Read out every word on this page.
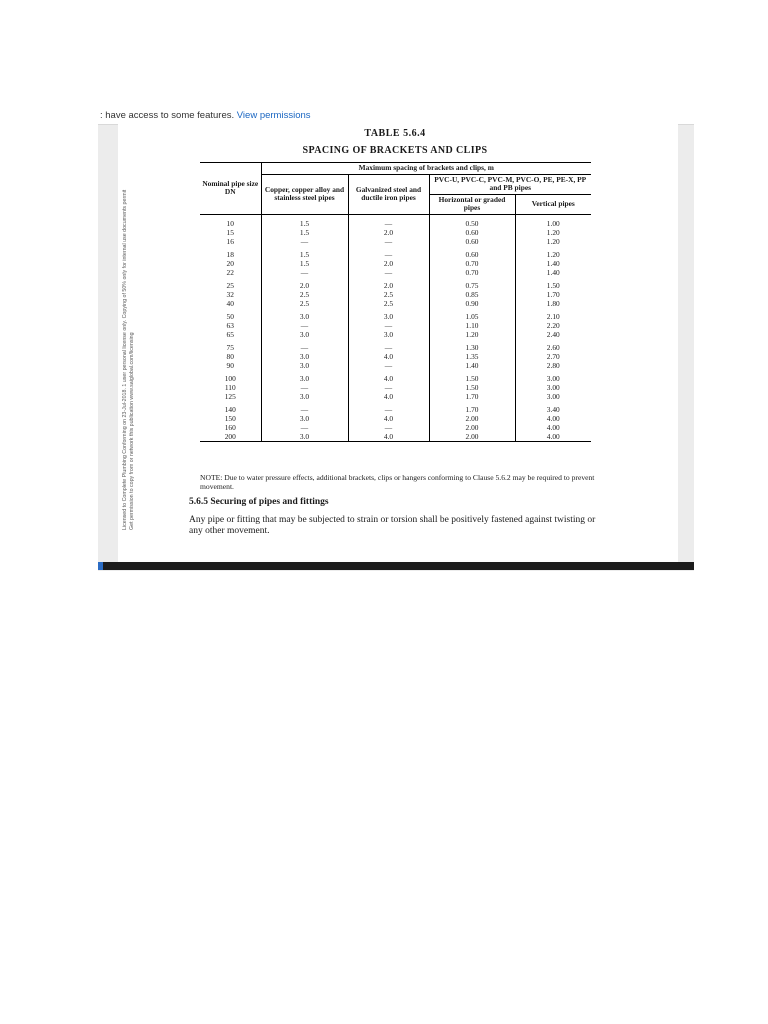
: have access to some features. View permissions
Licensed to Complete Plumbing Conforming on 23-Jul-2018. 1 user personal license only. Copying of 50% only for internal use documents permit Get permission to copy from or network this publication www.saiglobal.com/licensing
TABLE 5.6.4
SPACING OF BRACKETS AND CLIPS
Nominal pipe size DN	Maximum spacing of brackets and clips, m			
	Copper, copper alloy and stainless steel pipes	Galvanized steel and ductile iron pipes	PVC-U, PVC-C, PVC-M, PVC-O, PE, PE-X, PP and PB pipes	
			Horizontal or graded pipes	Vertical pipes
10	1.5	—	0.50	1.00
15	1.5	2.0	0.60	1.20
16	—	—	0.60	1.20
18	1.5	—	0.60	1.20
20	1.5	2.0	0.70	1.40
22	—	—	0.70	1.40
25	2.0	2.0	0.75	1.50
32	2.5	2.5	0.85	1.70
40	2.5	2.5	0.90	1.80
50	3.0	3.0	1.05	2.10
63	—	—	1.10	2.20
65	3.0	3.0	1.20	2.40
75	—	—	1.30	2.60
80	3.0	4.0	1.35	2.70
90	3.0	—	1.40	2.80
100	3.0	4.0	1.50	3.00
110	—	—	1.50	3.00
125	3.0	4.0	1.70	3.00
140	—	—	1.70	3.40
150	3.0	4.0	2.00	4.00
160	—	—	2.00	4.00
200	3.0	4.0	2.00	4.00
NOTE: Due to water pressure effects, additional brackets, clips or hangers conforming to Clause 5.6.2 may be required to prevent movement.
5.6.5 Securing of pipes and fittings
Any pipe or fitting that may be subjected to strain or torsion shall be positively fastened against twisting or any other movement.
